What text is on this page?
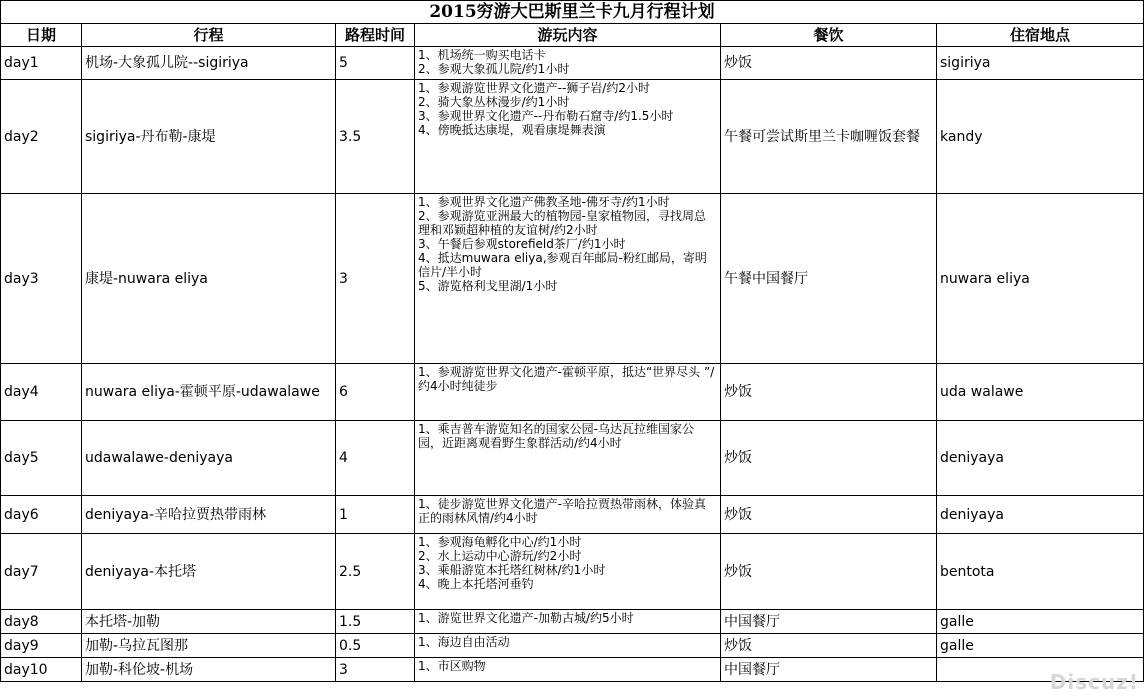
2015穷游大巴斯里兰卡九月行程计划					
日期	行程	路程时间	游玩内容	餐饮	住宿地点
day1	机场-大象孤儿院--sigiriya	5	1、机场统一购买电话卡
2、参观大象孤儿院/约1小时	炒饭	sigiriya
day2	sigiriya-丹布勒-康堤	3.5	1、参观游览世界文化遗产--狮子岩/约2小时
2、骑大象丛林漫步/约1小时
3、参观世界文化遗产--丹布勒石窟寺/约1.5小时
4、傍晚抵达康堤，观看康堤舞表演	午餐可尝试斯里兰卡咖喱饭套餐	kandy
day3	康堤-nuwara eliya	3	1、参观世界文化遗产佛教圣地-佛牙寺/约1小时
2、参观游览亚洲最大的植物园-皇家植物园，寻找周总理和邓颖超种植的友谊树/约2小时
3、午餐后参观storefield茶厂/约1小时
4、抵达muwara eliya,参观百年邮局-粉红邮局，寄明信片/半小时
5、游览格利戈里湖/1小时	午餐中国餐厅	nuwara eliya
day4	nuwara eliya-霍顿平原-udawalawe	6	1、参观游览世界文化遗产-霍顿平原，抵达“世界尽头 ”/约4小时纯徒步	炒饭	uda walawe
day5	udawalawe-deniyaya	4	1、乘吉普车游览知名的国家公园-乌达瓦拉维国家公园，近距离观看野生象群活动/约4小时	炒饭	deniyaya
day6	deniyaya-辛哈拉贾热带雨林	1	1、徒步游览世界文化遗产-辛哈拉贾热带雨林，体验真正的雨林风情/约4小时	炒饭	deniyaya
day7	deniyaya-本托塔	2.5	1、参观海龟孵化中心/约1小时
2、水上运动中心游玩/约2小时
3、乘船游览本托塔红树林/约1小时
4、晚上本托塔河垂钓	炒饭	bentota
day8	本托塔-加勒	1.5	1、游览世界文化遗产-加勒古城/约5小时	中国餐厅	galle
day9	加勒-乌拉瓦图那	0.5	1、海边自由活动	炒饭	galle
day10	加勒-科伦坡-机场	3	1、市区购物	中国餐厅	
Discuz!
